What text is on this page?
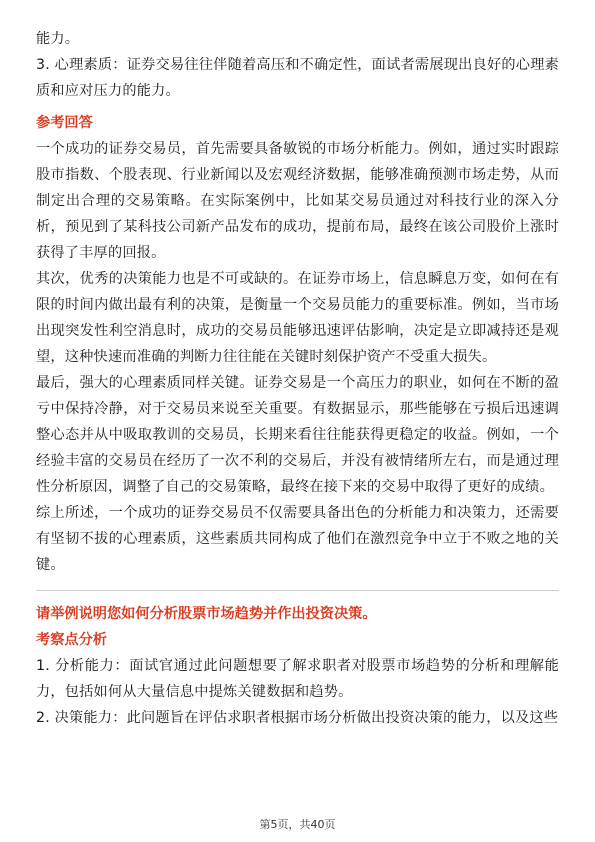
能力。

3. 心理素质：证券交易往往伴随着高压和不确定性，面试者需展现出良好的心理素质和应对压力的能力。

参考回答

一个成功的证券交易员，首先需要具备敏锐的市场分析能力。例如，通过实时跟踪股市指数、个股表现、行业新闻以及宏观经济数据，能够准确预测市场走势，从而制定出合理的交易策略。在实际案例中，比如某交易员通过对科技行业的深入分析，预见到了某科技公司新产品发布的成功，提前布局，最终在该公司股价上涨时获得了丰厚的回报。

其次，优秀的决策能力也是不可或缺的。在证券市场上，信息瞬息万变，如何在有限的时间内做出最有利的决策，是衡量一个交易员能力的重要标准。例如，当市场出现突发性利空消息时，成功的交易员能够迅速评估影响，决定是立即减持还是观望，这种快速而准确的判断力往往能在关键时刻保护资产不受重大损失。

最后，强大的心理素质同样关键。证券交易是一个高压力的职业，如何在不断的盈亏中保持冷静，对于交易员来说至关重要。有数据显示，那些能够在亏损后迅速调整心态并从中吸取教训的交易员，长期来看往往能获得更稳定的收益。例如，一个经验丰富的交易员在经历了一次不利的交易后，并没有被情绪所左右，而是通过理性分析原因，调整了自己的交易策略，最终在接下来的交易中取得了更好的成绩。

综上所述，一个成功的证券交易员不仅需要具备出色的分析能力和决策力，还需要有坚韧不拔的心理素质，这些素质共同构成了他们在激烈竞争中立于不败之地的关键。

请举例说明您如何分析股票市场趋势并作出投资决策。

考察点分析

1. 分析能力：面试官通过此问题想要了解求职者对股票市场趋势的分析和理解能力，包括如何从大量信息中提炼关键数据和趋势。

2. 决策能力：此问题旨在评估求职者根据市场分析做出投资决策的能力，以及这些

第5页，共40页
